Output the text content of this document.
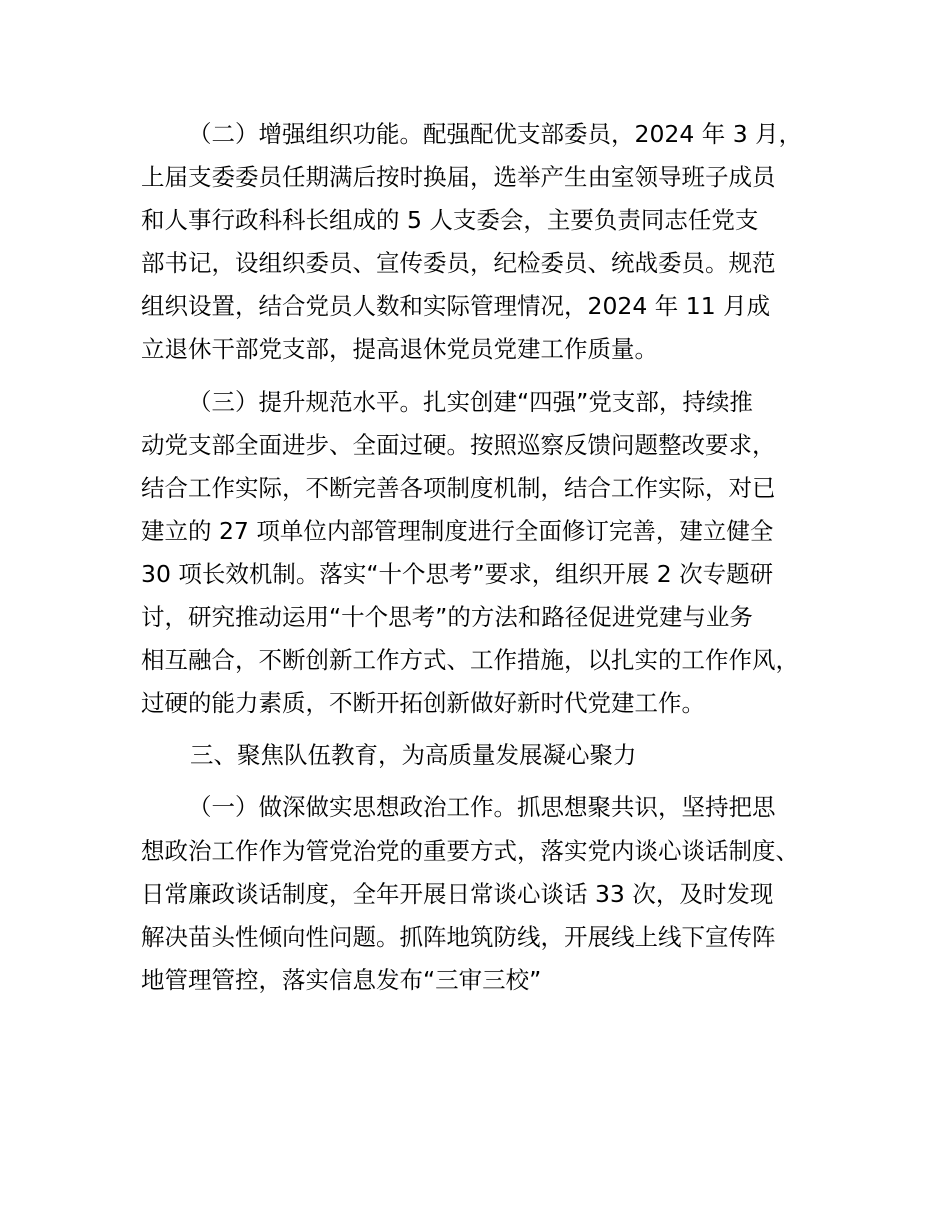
（二）增强组织功能。配强配优支部委员，2024 年 3 月，
上届支委委员任期满后按时换届，选举产生由室领导班子成员
和人事行政科科长组成的 5 人支委会，主要负责同志任党支
部书记，设组织委员、宣传委员，纪检委员、统战委员。规范
组织设置，结合党员人数和实际管理情况，2024 年 11 月成
立退休干部党支部，提高退休党员党建工作质量。
（三）提升规范水平。扎实创建“四强”党支部，持续推
动党支部全面进步、全面过硬。按照巡察反馈问题整改要求，
结合工作实际，不断完善各项制度机制，结合工作实际，对已
建立的 27 项单位内部管理制度进行全面修订完善，建立健全
30 项长效机制。落实“十个思考”要求，组织开展 2 次专题研
讨，研究推动运用“十个思考”的方法和路径促进党建与业务
相互融合，不断创新工作方式、工作措施，以扎实的工作作风，
过硬的能力素质，不断开拓创新做好新时代党建工作。
三、聚焦队伍教育，为高质量发展凝心聚力
（一）做深做实思想政治工作。抓思想聚共识，坚持把思
想政治工作作为管党治党的重要方式，落实党内谈心谈话制度、
日常廉政谈话制度，全年开展日常谈心谈话 33 次，及时发现
解决苗头性倾向性问题。抓阵地筑防线，开展线上线下宣传阵
地管理管控，落实信息发布“三审三校”
